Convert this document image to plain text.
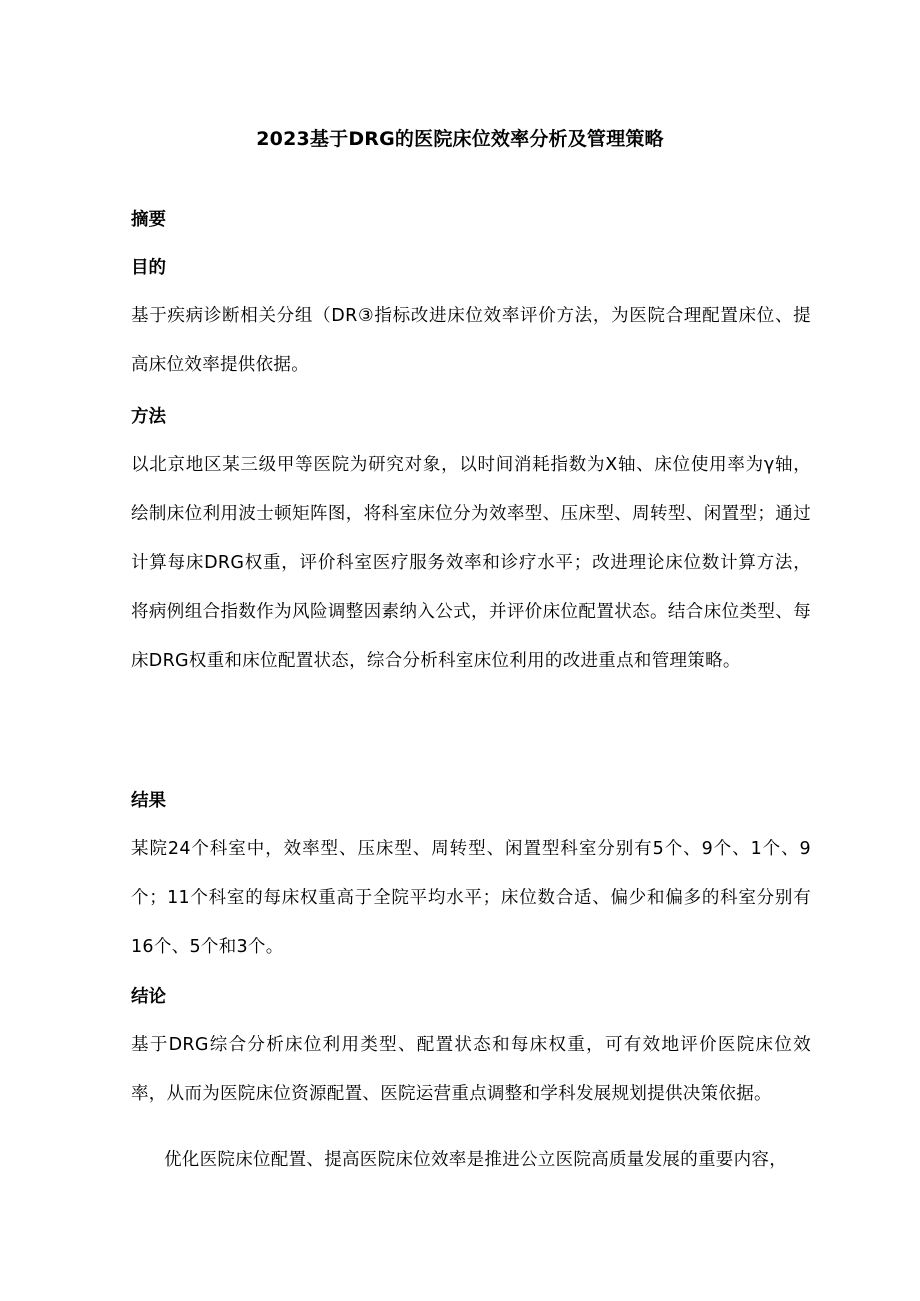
2023基于DRG的医院床位效率分析及管理策略
摘要
目的
基于疾病诊断相关分组（DR③指标改进床位效率评价方法，为医院合理配置床位、提高床位效率提供依据。
方法
以北京地区某三级甲等医院为研究对象，以时间消耗指数为X轴、床位使用率为γ轴，绘制床位利用波士顿矩阵图，将科室床位分为效率型、压床型、周转型、闲置型；通过计算每床DRG权重，评价科室医疗服务效率和诊疗水平；改进理论床位数计算方法，将病例组合指数作为风险调整因素纳入公式，并评价床位配置状态。结合床位类型、每床DRG权重和床位配置状态，综合分析科室床位利用的改进重点和管理策略。
结果
某院24个科室中，效率型、压床型、周转型、闲置型科室分别有5个、9个、1个、9个；11个科室的每床权重高于全院平均水平；床位数合适、偏少和偏多的科室分别有16个、5个和3个。
结论
基于DRG综合分析床位利用类型、配置状态和每床权重，可有效地评价医院床位效率，从而为医院床位资源配置、医院运营重点调整和学科发展规划提供决策依据。
优化医院床位配置、提高医院床位效率是推进公立医院高质量发展的重要内容，
